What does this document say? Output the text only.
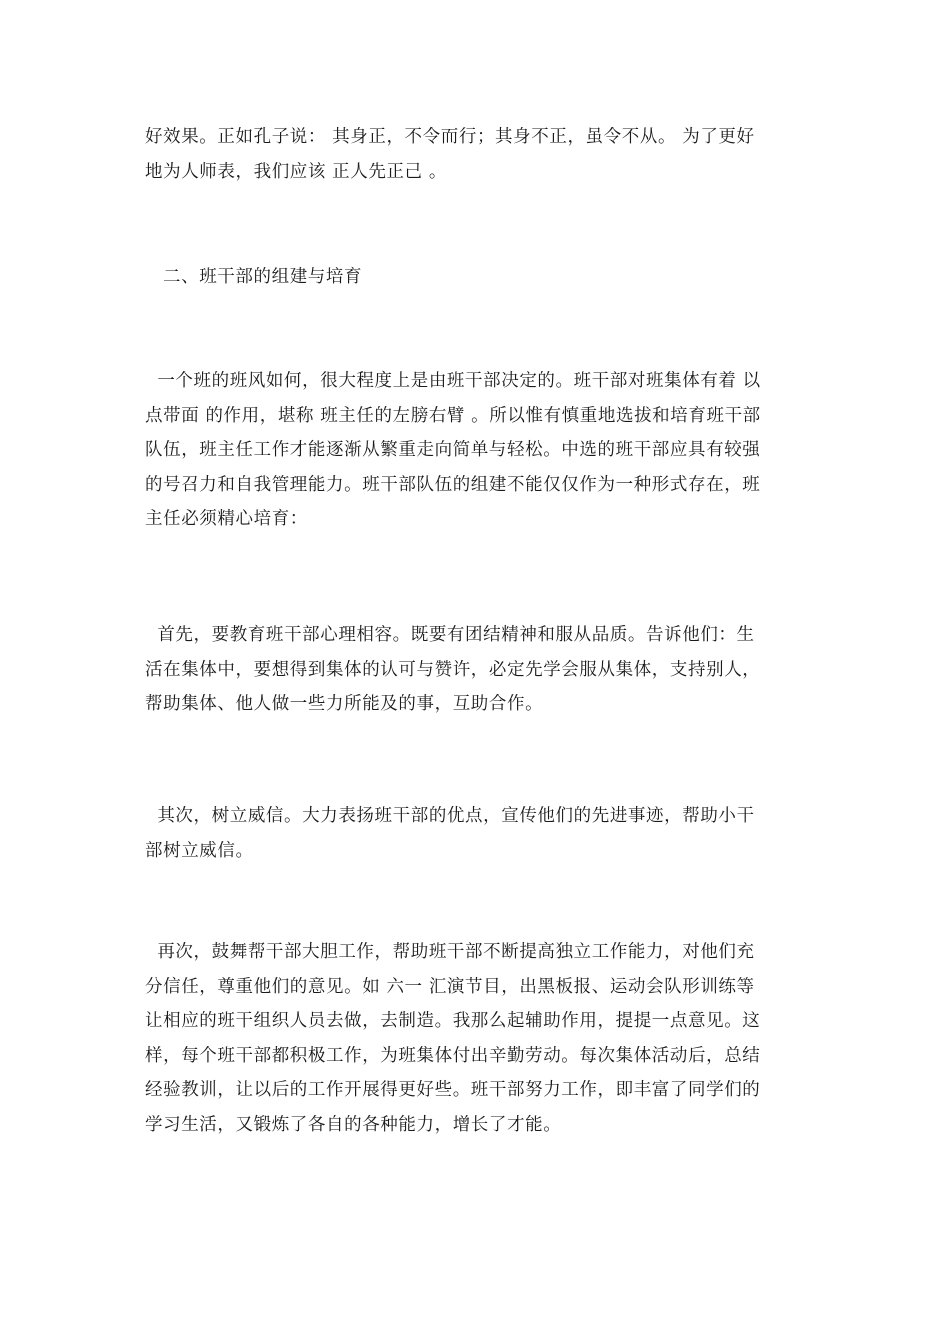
好效果。正如孔子说： 其身正，不令而行；其身不正，虽令不从。 为了更好
地为人师表，我们应该 正人先正己 。

二、班干部的组建与培育

一个班的班风如何，很大程度上是由班干部决定的。班干部对班集体有着 以
点带面 的作用，堪称 班主任的左膀右臂 。所以惟有慎重地选拔和培育班干部
队伍，班主任工作才能逐渐从繁重走向简单与轻松。中选的班干部应具有较强
的号召力和自我管理能力。班干部队伍的组建不能仅仅作为一种形式存在，班
主任必须精心培育：

首先，要教育班干部心理相容。既要有团结精神和服从品质。告诉他们：生
活在集体中，要想得到集体的认可与赞许，必定先学会服从集体，支持别人，
帮助集体、他人做一些力所能及的事，互助合作。

其次，树立威信。大力表扬班干部的优点，宣传他们的先进事迹，帮助小干
部树立威信。

再次，鼓舞帮干部大胆工作，帮助班干部不断提高独立工作能力，对他们充
分信任，尊重他们的意见。如 六一 汇演节目，出黑板报、运动会队形训练等
让相应的班干组织人员去做，去制造。我那么起辅助作用，提提一点意见。这
样，每个班干部都积极工作，为班集体付出辛勤劳动。每次集体活动后，总结
经验教训，让以后的工作开展得更好些。班干部努力工作，即丰富了同学们的
学习生活，又锻炼了各自的各种能力，增长了才能。
